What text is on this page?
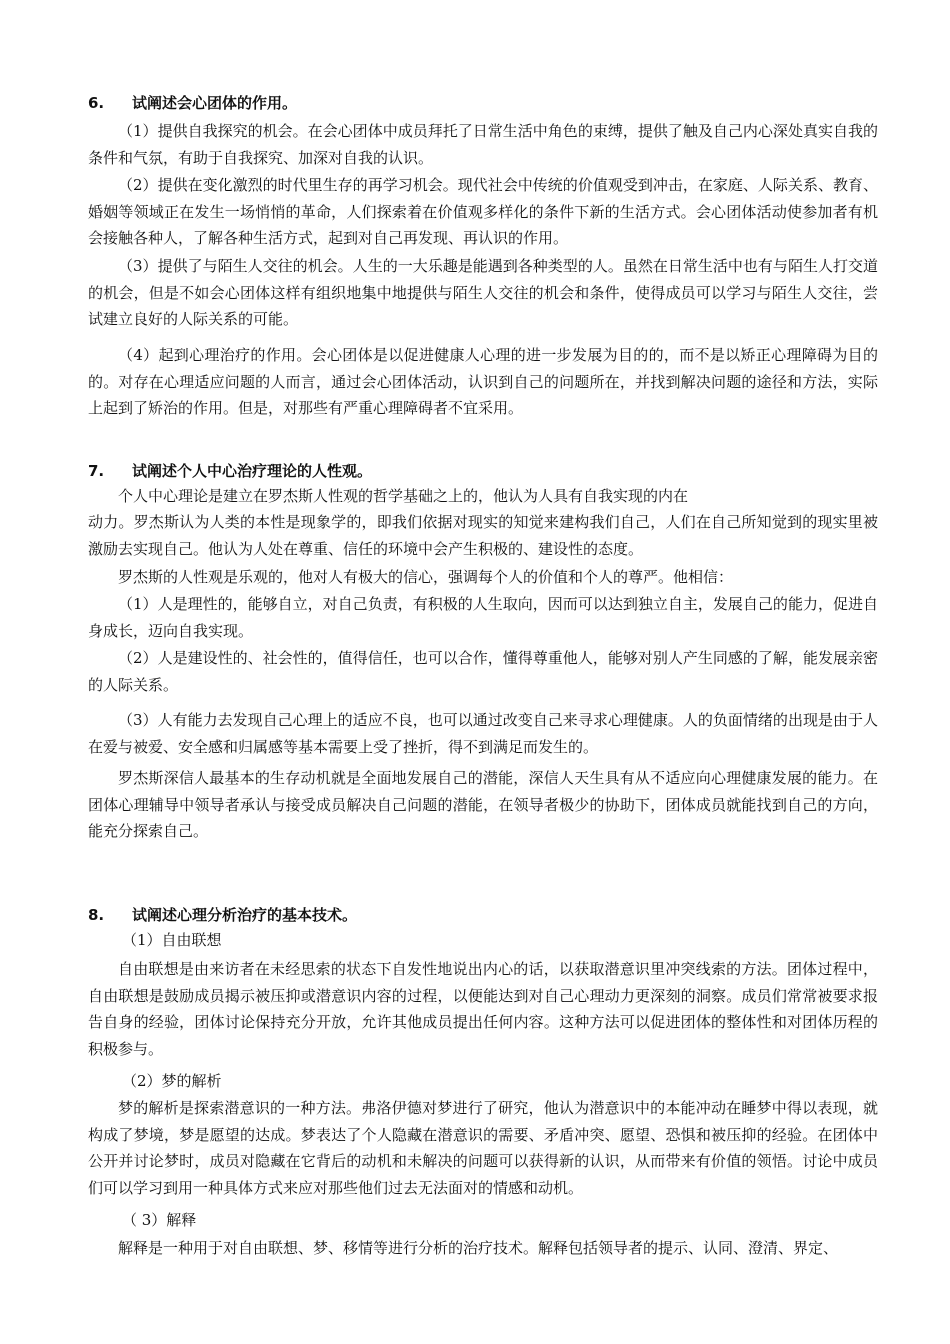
6. 试阐述会心团体的作用。

（1）提供自我探究的机会。在会心团体中成员拜托了日常生活中角色的束缚，提供了触及自己内心深处真实自我的条件和气氛，有助于自我探究、加深对自我的认识。

（2）提供在变化激烈的时代里生存的再学习机会。现代社会中传统的价值观受到冲击，在家庭、人际关系、教育、婚姻等领域正在发生一场悄悄的革命，人们探索着在价值观多样化的条件下新的生活方式。会心团体活动使参加者有机会接触各种人，了解各种生活方式，起到对自己再发现、再认识的作用。

（3）提供了与陌生人交往的机会。人生的一大乐趣是能遇到各种类型的人。虽然在日常生活中也有与陌生人打交道的机会，但是不如会心团体这样有组织地集中地提供与陌生人交往的机会和条件，使得成员可以学习与陌生人交往，尝试建立良好的人际关系的可能。

（4）起到心理治疗的作用。会心团体是以促进健康人心理的进一步发展为目的的，而不是以矫正心理障碍为目的的。对存在心理适应问题的人而言，通过会心团体活动，认识到自己的问题所在，并找到解决问题的途径和方法，实际上起到了矫治的作用。但是，对那些有严重心理障碍者不宜采用。

7. 试阐述个人中心治疗理论的人性观。

个人中心理论是建立在罗杰斯人性观的哲学基础之上的，他认为人具有自我实现的内在

动力。罗杰斯认为人类的本性是现象学的，即我们依据对现实的知觉来建构我们自己，人们在自己所知觉到的现实里被激励去实现自己。他认为人处在尊重、信任的环境中会产生积极的、建设性的态度。

罗杰斯的人性观是乐观的，他对人有极大的信心，强调每个人的价值和个人的尊严。他相信：

（1）人是理性的，能够自立，对自己负责，有积极的人生取向，因而可以达到独立自主，发展自己的能力，促进自身成长，迈向自我实现。

（2）人是建设性的、社会性的，值得信任，也可以合作，懂得尊重他人，能够对别人产生同感的了解，能发展亲密的人际关系。

（3）人有能力去发现自己心理上的适应不良，也可以通过改变自己来寻求心理健康。人的负面情绪的出现是由于人在爱与被爱、安全感和归属感等基本需要上受了挫折，得不到满足而发生的。

罗杰斯深信人最基本的生存动机就是全面地发展自己的潜能，深信人天生具有从不适应向心理健康发展的能力。在团体心理辅导中领导者承认与接受成员解决自己问题的潜能，在领导者极少的协助下，团体成员就能找到自己的方向，能充分探索自己。

8. 试阐述心理分析治疗的基本技术。

（1）自由联想

自由联想是由来访者在未经思索的状态下自发性地说出内心的话，以获取潜意识里冲突线索的方法。团体过程中，自由联想是鼓励成员揭示被压抑或潜意识内容的过程，以便能达到对自己心理动力更深刻的洞察。成员们常常被要求报告自身的经验，团体讨论保持充分开放，允许其他成员提出任何内容。这种方法可以促进团体的整体性和对团体历程的积极参与。

（2）梦的解析

梦的解析是探索潜意识的一种方法。弗洛伊德对梦进行了研究，他认为潜意识中的本能冲动在睡梦中得以表现，就构成了梦境，梦是愿望的达成。梦表达了个人隐藏在潜意识的需要、矛盾冲突、愿望、恐惧和被压抑的经验。在团体中公开并讨论梦时，成员对隐藏在它背后的动机和未解决的问题可以获得新的认识，从而带来有价值的领悟。讨论中成员们可以学习到用一种具体方式来应对那些他们过去无法面对的情感和动机。

（ 3）解释

解释是一种用于对自由联想、梦、移情等进行分析的治疗技术。解释包括领导者的提示、认同、澄清、界定、
